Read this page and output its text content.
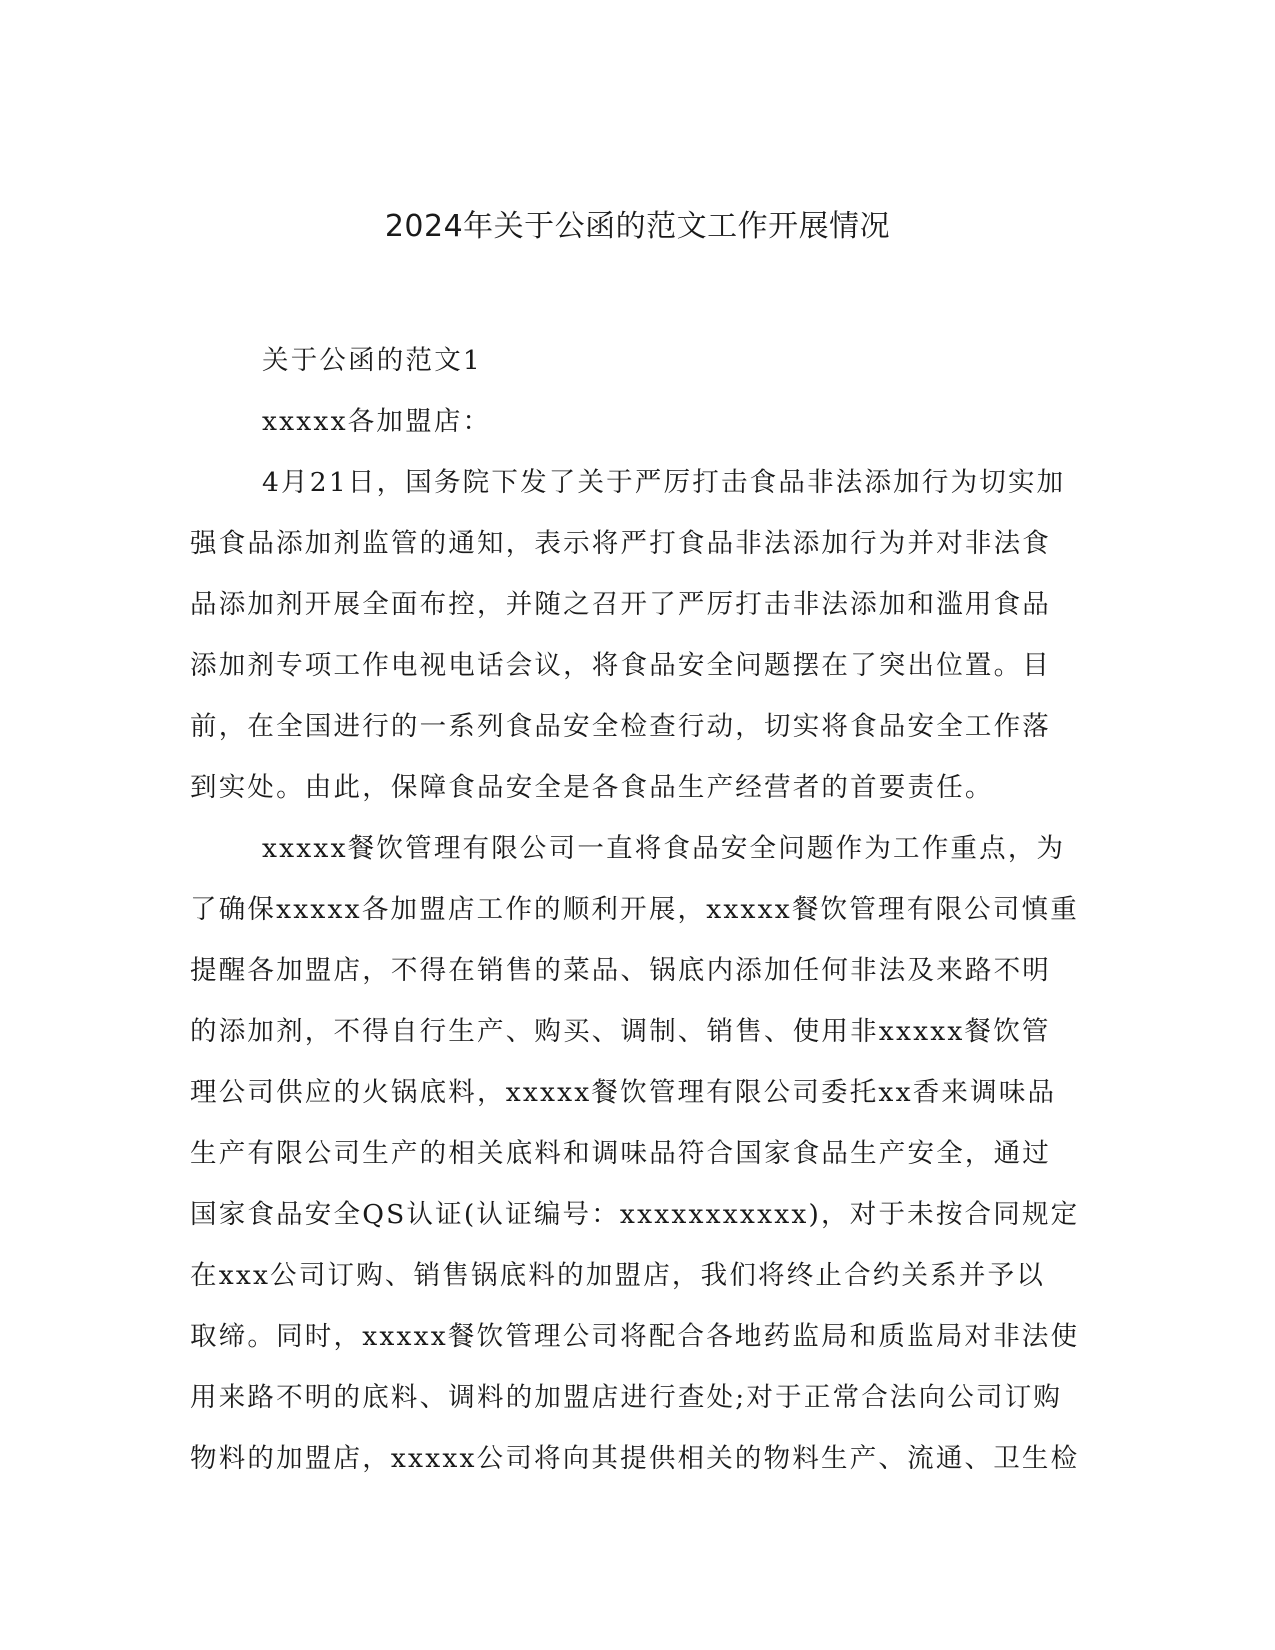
2024年关于公函的范文工作开展情况
关于公函的范文1
xxxxx各加盟店：
4月21日，国务院下发了关于严厉打击食品非法添加行为切实加
强食品添加剂监管的通知，表示将严打食品非法添加行为并对非法食
品添加剂开展全面布控，并随之召开了严厉打击非法添加和滥用食品
添加剂专项工作电视电话会议，将食品安全问题摆在了突出位置。目
前，在全国进行的一系列食品安全检查行动，切实将食品安全工作落
到实处。由此，保障食品安全是各食品生产经营者的首要责任。
xxxxx餐饮管理有限公司一直将食品安全问题作为工作重点，为
了确保xxxxx各加盟店工作的顺利开展，xxxxx餐饮管理有限公司慎重
提醒各加盟店，不得在销售的菜品、锅底内添加任何非法及来路不明
的添加剂，不得自行生产、购买、调制、销售、使用非xxxxx餐饮管
理公司供应的火锅底料，xxxxx餐饮管理有限公司委托xx香来调味品
生产有限公司生产的相关底料和调味品符合国家食品生产安全，通过
国家食品安全QS认证(认证编号：xxxxxxxxxxx)，对于未按合同规定
在xxx公司订购、销售锅底料的加盟店，我们将终止合约关系并予以
取缔。同时，xxxxx餐饮管理公司将配合各地药监局和质监局对非法使
用来路不明的底料、调料的加盟店进行查处;对于正常合法向公司订购
物料的加盟店，xxxxx公司将向其提供相关的物料生产、流通、卫生检
